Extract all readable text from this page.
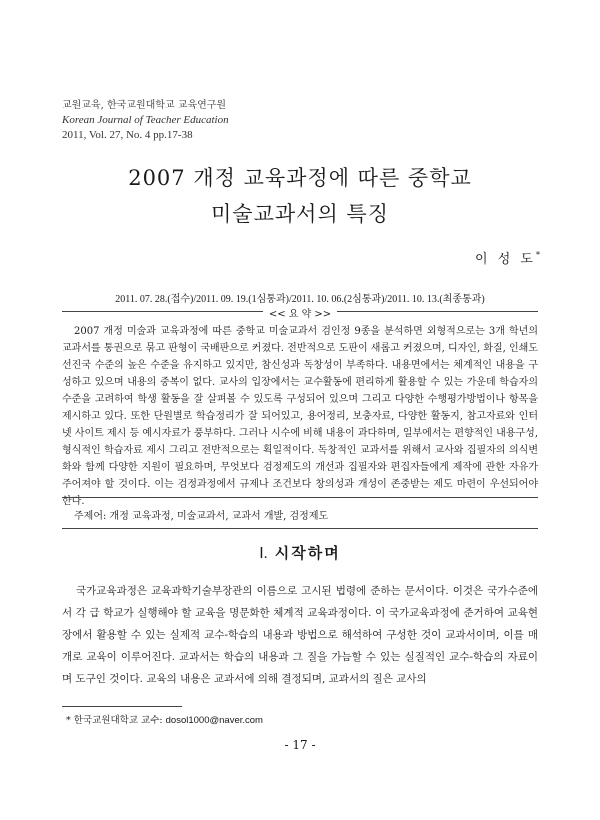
교원교육, 한국교원대학교 교육연구원
Korean Journal of Teacher Education
2011, Vol. 27, No. 4 pp.17-38
2007 개정 교육과정에 따른 중학교
미술교과서의 특징
이 성 도*
2011. 07. 28.(접수)/2011. 09. 19.(1심통과)/2011. 10. 06.(2심통과)/2011. 10. 13.(최종통과)
<< 요 약 >>

2007 개정 미술과 교육과정에 따른 중학교 미술교과서 검인정 9종을 분석하면 외형적으로는 3개 학년의 교과서를 통권으로 묶고 판형이 국배판으로 커졌다. 전반적으로 도판이 새롭고 커졌으며, 디자인, 화질, 인쇄도 선진국 수준의 높은 수준을 유지하고 있지만, 참신성과 독창성이 부족하다. 내용면에서는 체계적인 내용을 구성하고 있으며 내용의 중복이 없다. 교사의 입장에서는 교수활동에 편리하게 활용할 수 있는 가운데 학습자의 수준을 고려하여 학생 활동을 잘 살펴볼 수 있도록 구성되어 있으며 그리고 다양한 수행평가방법이나 항목을 제시하고 있다. 또한 단원별로 학습정리가 잘 되어있고, 용어정리, 보충자료, 다양한 활동지, 참고자료와 인터넷 사이트 제시 등 예시자료가 풍부하다. 그러나 시수에 비해 내용이 과다하며, 일부에서는 편향적인 내용구성, 형식적인 학습자료 제시 그리고 전반적으로는 획일적이다. 독창적인 교과서를 위해서 교사와 집필자의 의식변화와 함께 다양한 지원이 필요하며, 무엇보다 검정제도의 개선과 집필자와 편집자들에게 제작에 관한 자유가 주어져야 할 것이다. 이는 검정과정에서 규제나 조건보다 창의성과 개성이 존중받는 제도 마련이 우선되어야 한다.

주제어: 개정 교육과정, 미술교과서, 교과서 개발, 검정제도
Ⅰ. 시작하며

국가교육과정은 교육과학기술부장관의 이름으로 고시된 법령에 준하는 문서이다. 이것은 국가수준에서 각 급 학교가 실행해야 할 교육을 명문화한 체계적 교육과정이다. 이 국가교육과정에 준거하여 교육현장에서 활용할 수 있는 실제적 교수-학습의 내용과 방법으로 해석하여 구성한 것이 교과서이며, 이를 매개로 교육이 이루어진다. 교과서는 학습의 내용과 그 질을 가늠할 수 있는 실질적인 교수-학습의 자료이며 도구인 것이다. 교육의 내용은 교과서에 의해 결정되며, 교과서의 질은 교사의

* 한국교원대학교 교수: dosol1000@naver.com
- 17 -
